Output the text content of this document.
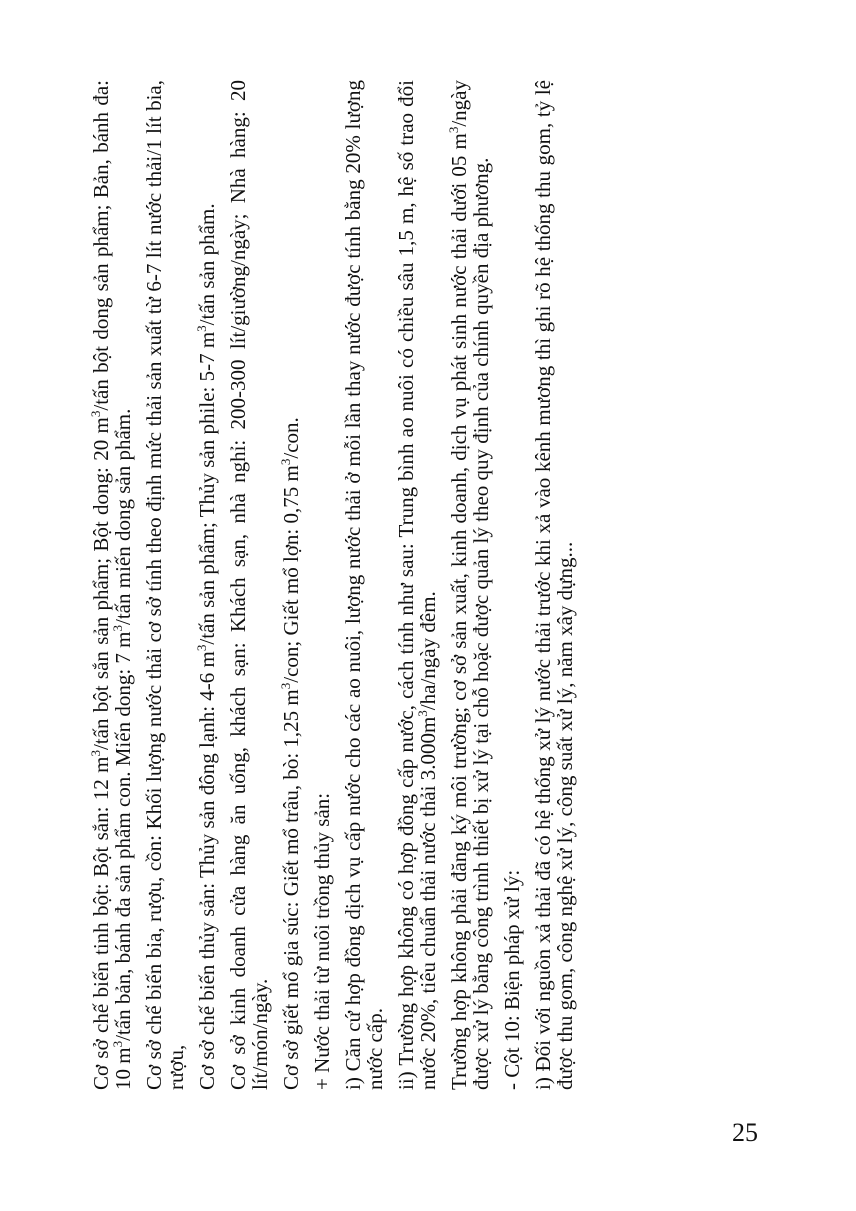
Cơ sở chế biến tinh bột: Bột sắn: 12 $m^3$/tấn bột sắn sản phẩm; Bột dong: 20 $m^3$/tấn bột dong sản phẩm; Bản, bánh đa: 10 $m^3$/tấn bản, bánh đa sản phẩm con. Miến dong: 7 $m^3$/tấn miến dong sản phẩm. Cơ sở chế biến bia, rượu, cồn: Khối lượng nước thải cơ sở tính theo định mức thải sản xuất từ 6-7 lít nước thải/1 lít bia, rượu, Cơ sở chế biến thủy sản: Thủy sản đông lạnh: 4-6 $m^3$/tấn sản phẩm; Thủy sản phile: 5-7 $m^3$/tấn sản phẩm. Cơ sở kinh doanh cửa hàng ăn uống, khách sạn: Khách sạn, nhà nghỉ: 200-300 lít/giường/ngày; Nhà hàng: 20 lít/món/ngày. Cơ sở giết mổ gia súc: Giết mổ trâu, bò: 1,25 $m^3$/con; Giết mổ lợn: 0,75 $m^3$/con.

+ Nước thải từ nuôi trồng thủy sản: i) Căn cứ hợp đồng dịch vụ cấp nước cho các ao nuôi, lượng nước thải ở mỗi lần thay nước được tính bằng 20% lượng nước cấp. ii) Trường hợp không có hợp đồng cấp nước, cách tính như sau: Trung bình ao nuôi có chiều sâu 1,5 m, hệ số trao đổi nước 20%, tiêu chuẩn thải nước thải $3.000m^3/ha$/ngày đêm. Trường hợp không phải đăng ký môi trường; cơ sở sản xuất, kinh doanh, dịch vụ phát sinh nước thải dưới 05 $m^3$/ngày được xử lý bằng công trình thiết bị xử lý tại chỗ hoặc được quản lý theo quy định của chính quyền địa phương. - Cột 10: Biện pháp xử lý: i) Đối với nguồn xả thải đã có hệ thống xử lý nước thải trước khi xả vào kênh mương thì ghi rõ hệ thống thu gom, tỷ lệ được thu gom, công nghệ xử lý, công suất xử lý, năm xây dựng...

25
